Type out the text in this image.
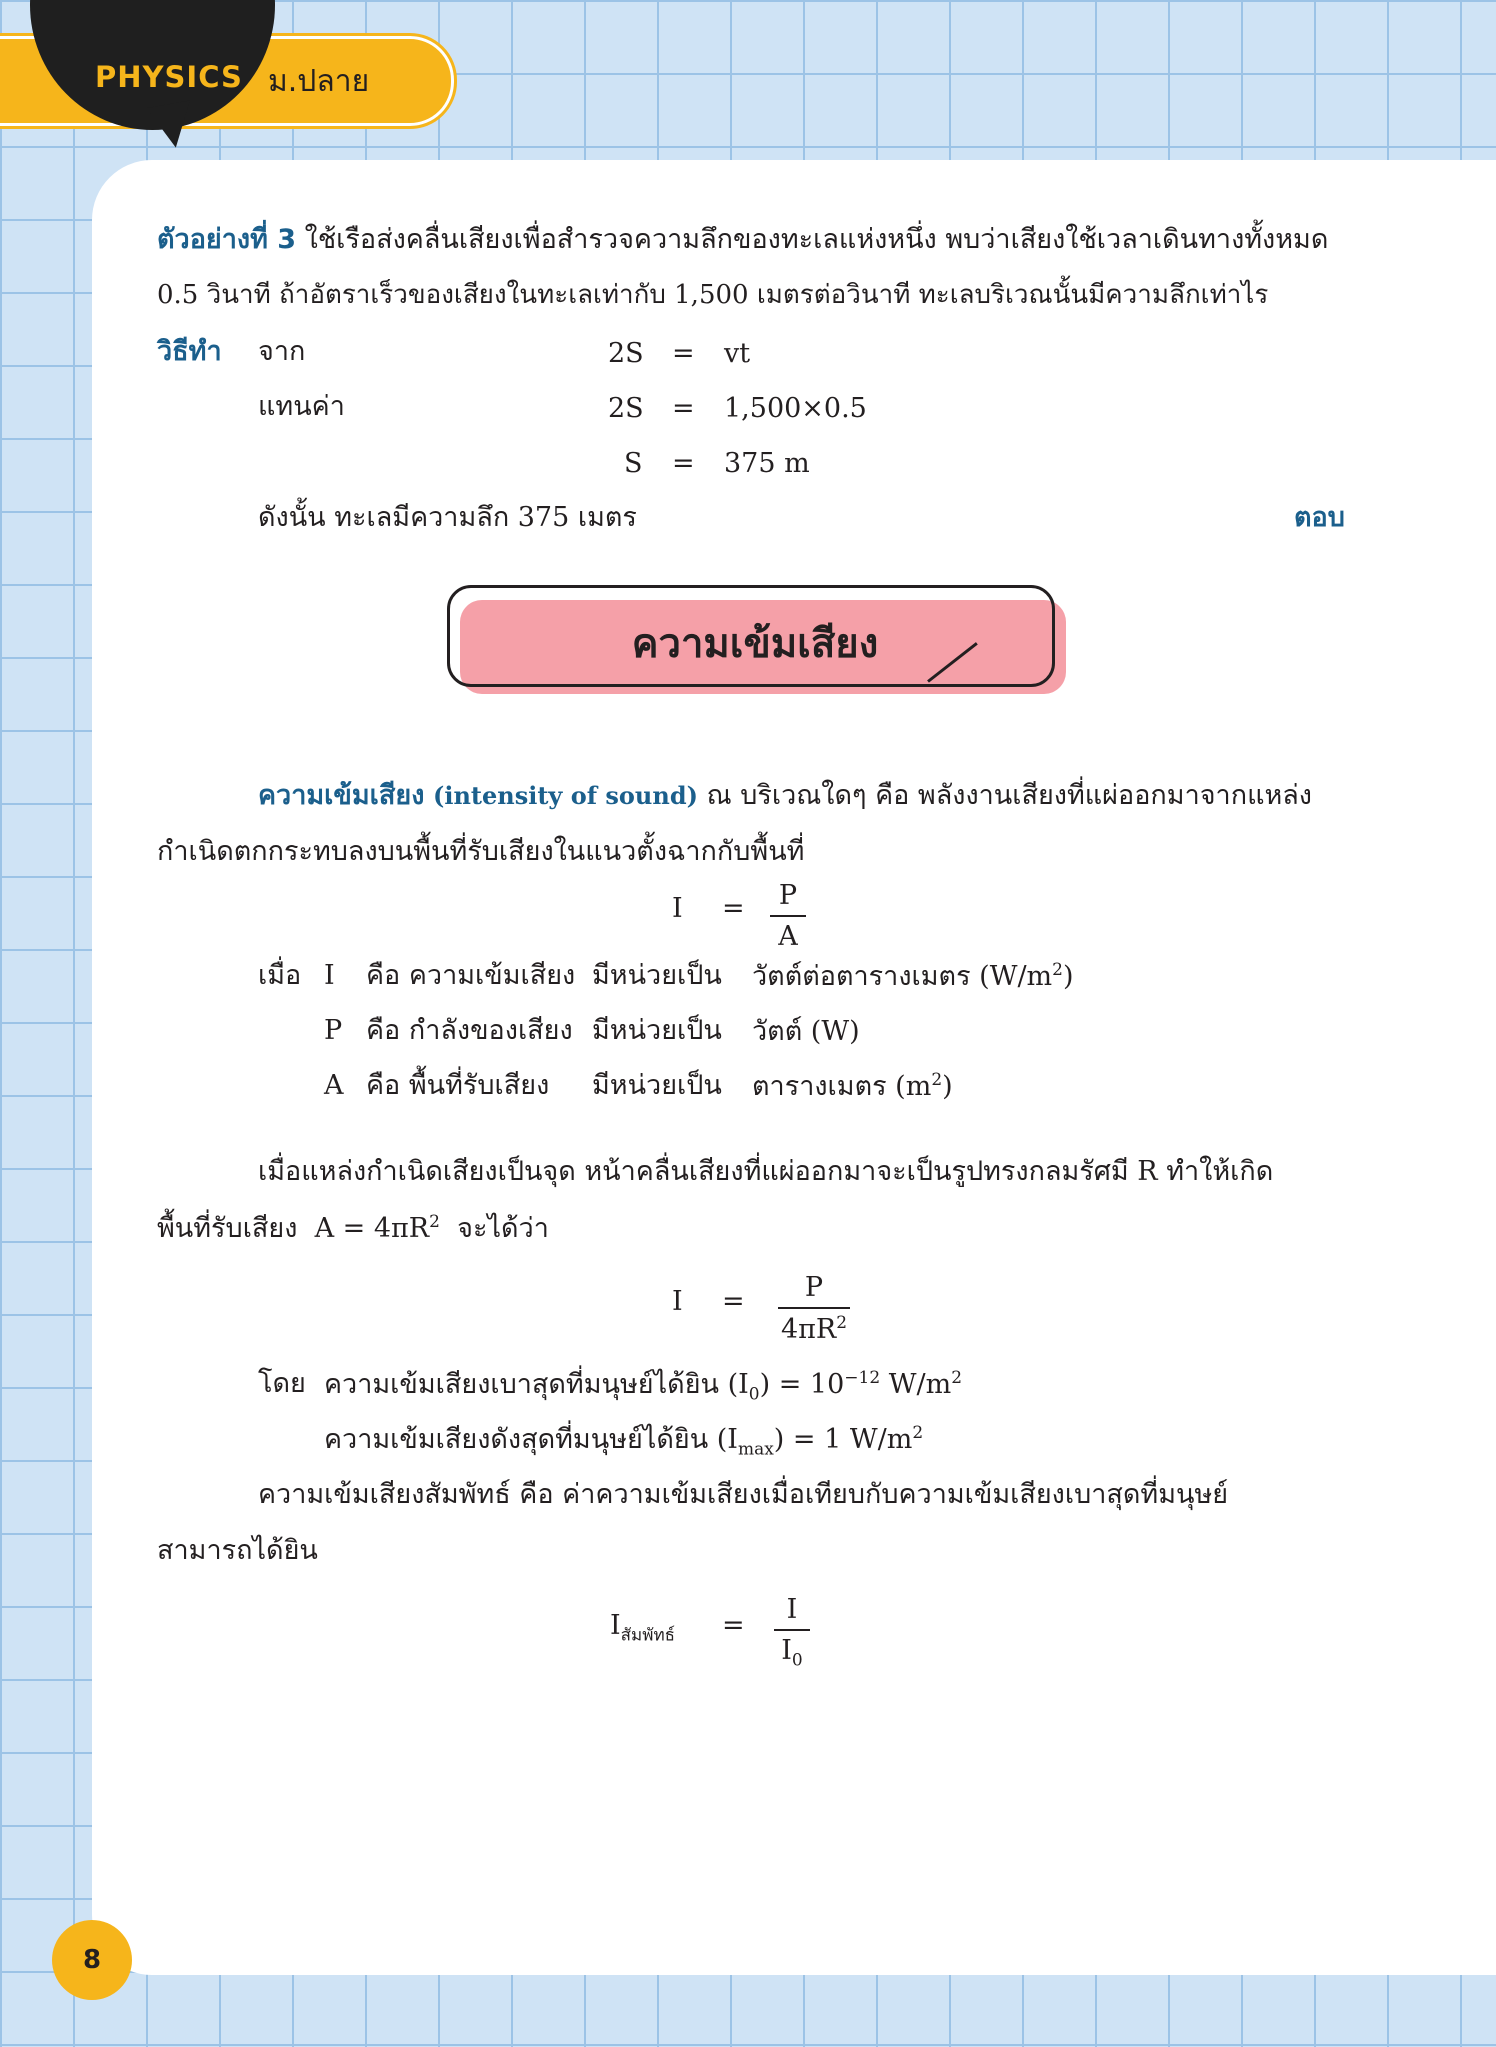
PHYSICS ม.ปลาย
ตัวอย่างที่ 3 ใช้เรือส่งคลื่นเสียงเพื่อสำรวจความลึกของทะเลแห่งหนึ่ง พบว่าเสียงใช้เวลาเดินทางทั้งหมด
0.5 วินาที ถ้าอัตราเร็วของเสียงในทะเลเท่ากับ 1,500 เมตรต่อวินาที ทะเลบริเวณนั้นมีความลึกเท่าไร
วิธีทำ จาก	2S = vt
แทนค่า	2S = 1,500×0.5
S = 375 m
ดังนั้น ทะเลมีความลึก 375 เมตร	ตอบ
ความเข้มเสียง
ความเข้มเสียง (intensity of sound) ณ บริเวณใดๆ คือ พลังงานเสียงที่แผ่ออกมาจากแหล่ง
กำเนิดตกกระทบลงบนพื้นที่รับเสียงในแนวตั้งฉากกับพื้นที่
I =	P
A
เมื่อ I คือ ความเข้มเสียง มีหน่วยเป็น วัตต์ต่อตารางเมตร $(W/m^2)$
P คือ กำลังของเสียง มีหน่วยเป็น วัตต์ (W)
A คือ พื้นที่รับเสียง มีหน่วยเป็น ตารางเมตร $(m^2)$
เมื่อแหล่งกำเนิดเสียงเป็นจุด หน้าคลื่นเสียงที่แผ่ออกมาจะเป็นรูปทรงกลมรัศมี R ทำให้เกิด
พื้นที่รับเสียง $A = 4\pi R^2$ จะได้ว่า
I =	P
$4\pi R^2$
โดย ความเข้มเสียงเบาสุดที่มนุษย์ได้ยิน $(I_0) = 10^{-12}$ $W/m^2$
ความเข้มเสียงดังสุดที่มนุษย์ได้ยิน $(I_{max}) = 1$ $W/m^2$
ความเข้มเสียงสัมพัทธ์ คือ ค่าความเข้มเสียงเมื่อเทียบกับความเข้มเสียงเบาสุดที่มนุษย์
สามารถได้ยิน
$I_{สัมพัทธ์}$ =
I
$I_0$
8
